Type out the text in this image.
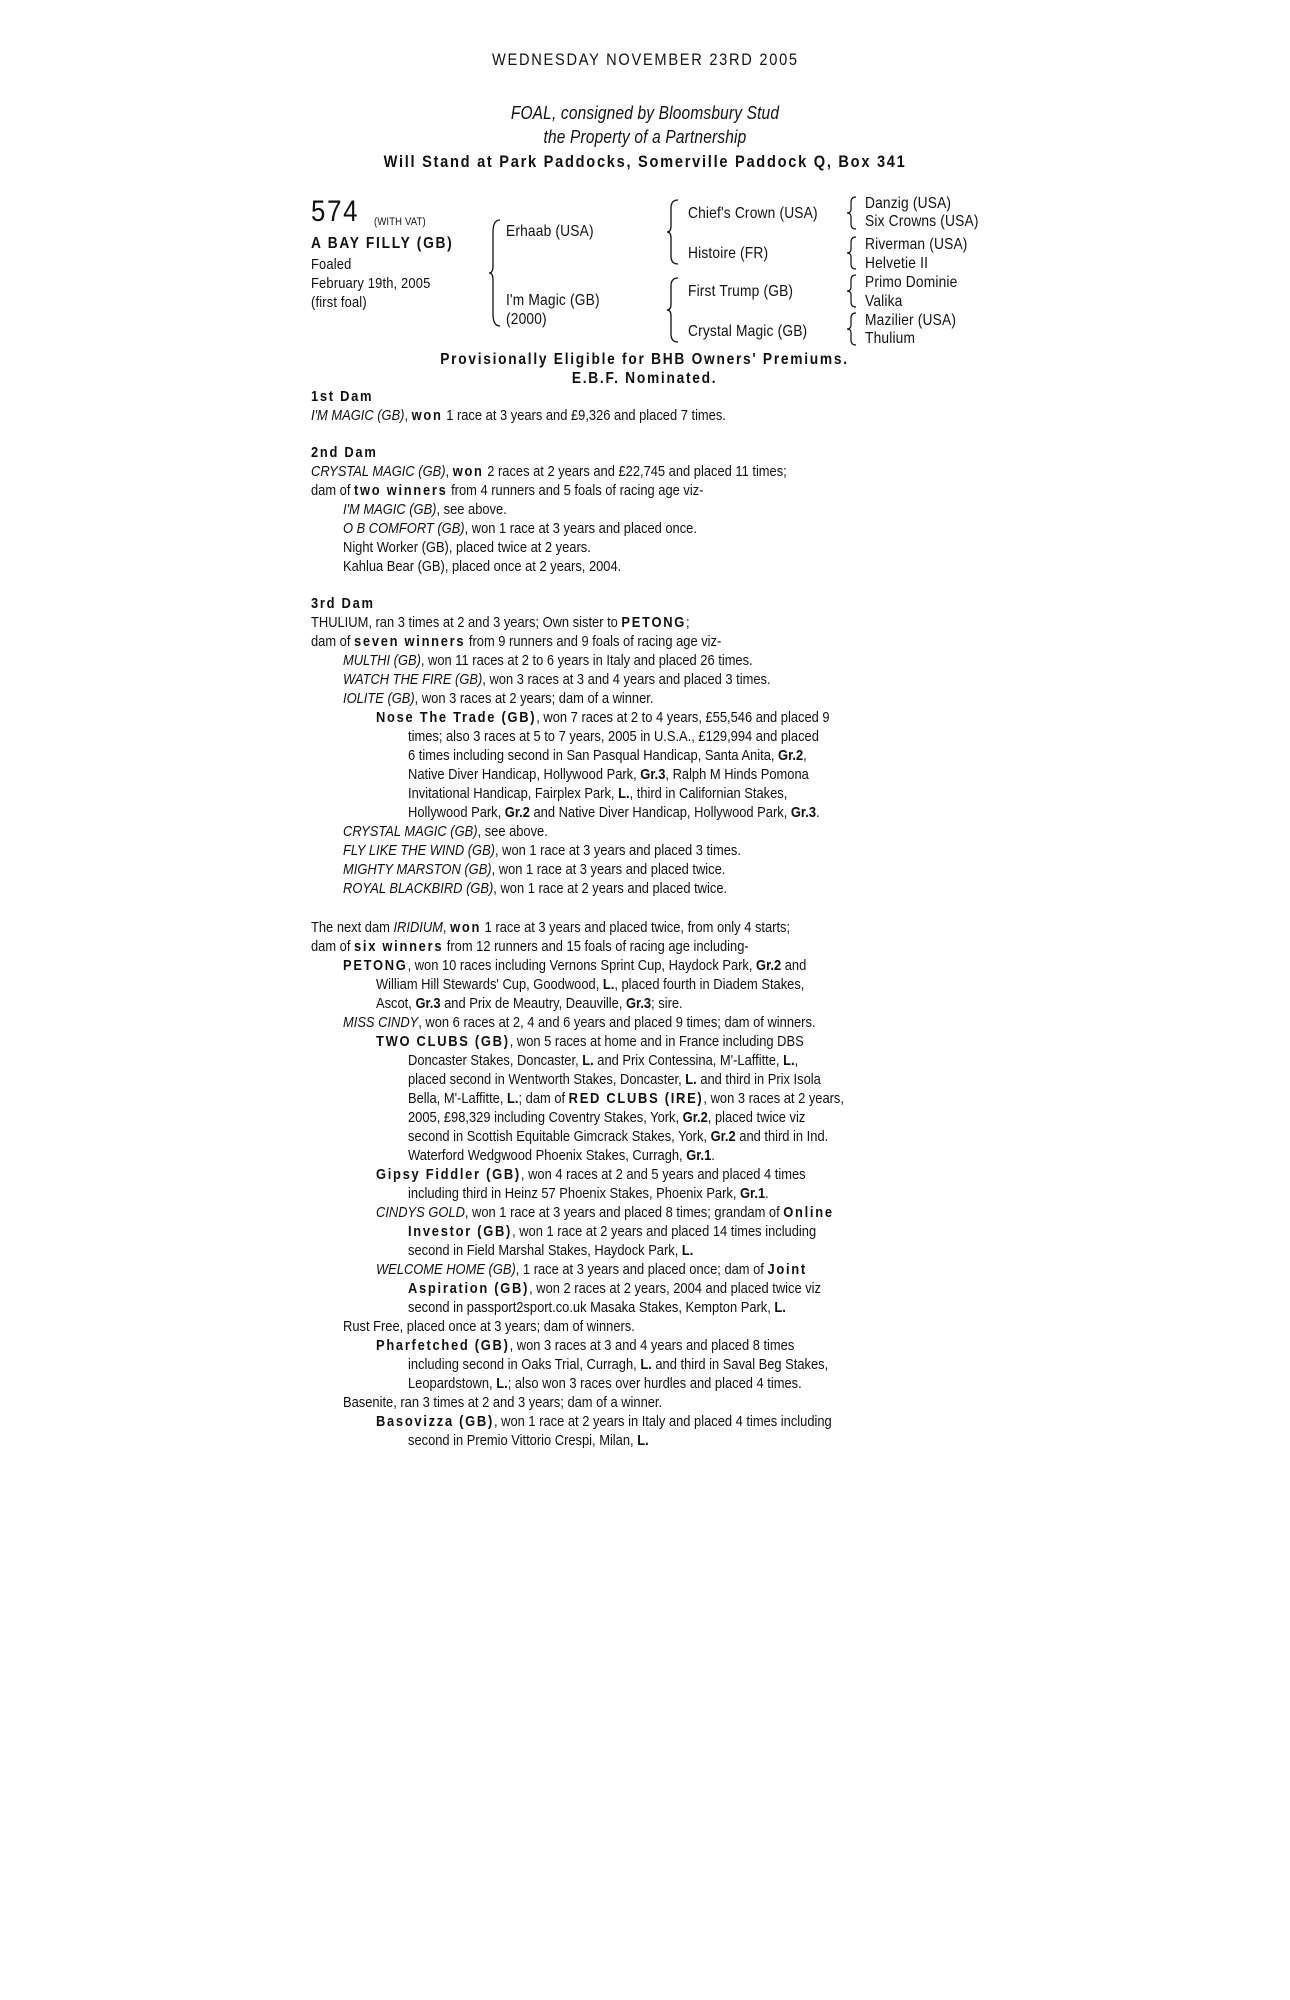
WEDNESDAY NOVEMBER 23RD 2005
FOAL, consigned by Bloomsbury Stud
the Property of a Partnership
Will Stand at Park Paddocks, Somerville Paddock Q, Box 341
574 (WITH VAT)
A BAY FILLY (GB)
Foaled
February 19th, 2005
(first foal)
Erhaab (USA)
I'm Magic (GB)
(2000)
Chief's Crown (USA)
Histoire (FR)
First Trump (GB)
Crystal Magic (GB)
Danzig (USA)
Six Crowns (USA)
Riverman (USA)
Helvetie II
Primo Dominie
Valika
Mazilier (USA)
Thulium
Provisionally Eligible for BHB Owners' Premiums.
E.B.F. Nominated.
1st Dam
I'M MAGIC (GB), won 1 race at 3 years and £9,326 and placed 7 times.
2nd Dam
CRYSTAL MAGIC (GB), won 2 races at 2 years and £22,745 and placed 11 times;
dam of two winners from 4 runners and 5 foals of racing age viz-
I'M MAGIC (GB), see above.
O B COMFORT (GB), won 1 race at 3 years and placed once.
Night Worker (GB), placed twice at 2 years.
Kahlua Bear (GB), placed once at 2 years, 2004.
3rd Dam
THULIUM, ran 3 times at 2 and 3 years; Own sister to PETONG;
dam of seven winners from 9 runners and 9 foals of racing age viz-
MULTHI (GB), won 11 races at 2 to 6 years in Italy and placed 26 times.
WATCH THE FIRE (GB), won 3 races at 3 and 4 years and placed 3 times.
IOLITE (GB), won 3 races at 2 years; dam of a winner.
Nose The Trade (GB), won 7 races at 2 to 4 years, £55,546 and placed 9
times; also 3 races at 5 to 7 years, 2005 in U.S.A., £129,994 and placed
6 times including second in San Pasqual Handicap, Santa Anita, Gr.2,
Native Diver Handicap, Hollywood Park, Gr.3, Ralph M Hinds Pomona
Invitational Handicap, Fairplex Park, L., third in Californian Stakes,
Hollywood Park, Gr.2 and Native Diver Handicap, Hollywood Park, Gr.3.
CRYSTAL MAGIC (GB), see above.
FLY LIKE THE WIND (GB), won 1 race at 3 years and placed 3 times.
MIGHTY MARSTON (GB), won 1 race at 3 years and placed twice.
ROYAL BLACKBIRD (GB), won 1 race at 2 years and placed twice.
The next dam IRIDIUM, won 1 race at 3 years and placed twice, from only 4 starts;
dam of six winners from 12 runners and 15 foals of racing age including-
PETONG, won 10 races including Vernons Sprint Cup, Haydock Park, Gr.2 and
William Hill Stewards' Cup, Goodwood, L., placed fourth in Diadem Stakes,
Ascot, Gr.3 and Prix de Meautry, Deauville, Gr.3; sire.
MISS CINDY, won 6 races at 2, 4 and 6 years and placed 9 times; dam of winners.
TWO CLUBS (GB), won 5 races at home and in France including DBS
Doncaster Stakes, Doncaster, L. and Prix Contessina, M'-Laffitte, L.,
placed second in Wentworth Stakes, Doncaster, L. and third in Prix Isola
Bella, M'-Laffitte, L.; dam of RED CLUBS (IRE), won 3 races at 2 years,
2005, £98,329 including Coventry Stakes, York, Gr.2, placed twice viz
second in Scottish Equitable Gimcrack Stakes, York, Gr.2 and third in Ind.
Waterford Wedgwood Phoenix Stakes, Curragh, Gr.1.
Gipsy Fiddler (GB), won 4 races at 2 and 5 years and placed 4 times
including third in Heinz 57 Phoenix Stakes, Phoenix Park, Gr.1.
CINDYS GOLD, won 1 race at 3 years and placed 8 times; grandam of Online
Investor (GB), won 1 race at 2 years and placed 14 times including
second in Field Marshal Stakes, Haydock Park, L.
WELCOME HOME (GB), 1 race at 3 years and placed once; dam of Joint
Aspiration (GB), won 2 races at 2 years, 2004 and placed twice viz
second in passport2sport.co.uk Masaka Stakes, Kempton Park, L.
Rust Free, placed once at 3 years; dam of winners.
Pharfetched (GB), won 3 races at 3 and 4 years and placed 8 times
including second in Oaks Trial, Curragh, L. and third in Saval Beg Stakes,
Leopardstown, L.; also won 3 races over hurdles and placed 4 times.
Basenite, ran 3 times at 2 and 3 years; dam of a winner.
Basovizza (GB), won 1 race at 2 years in Italy and placed 4 times including
second in Premio Vittorio Crespi, Milan, L.
